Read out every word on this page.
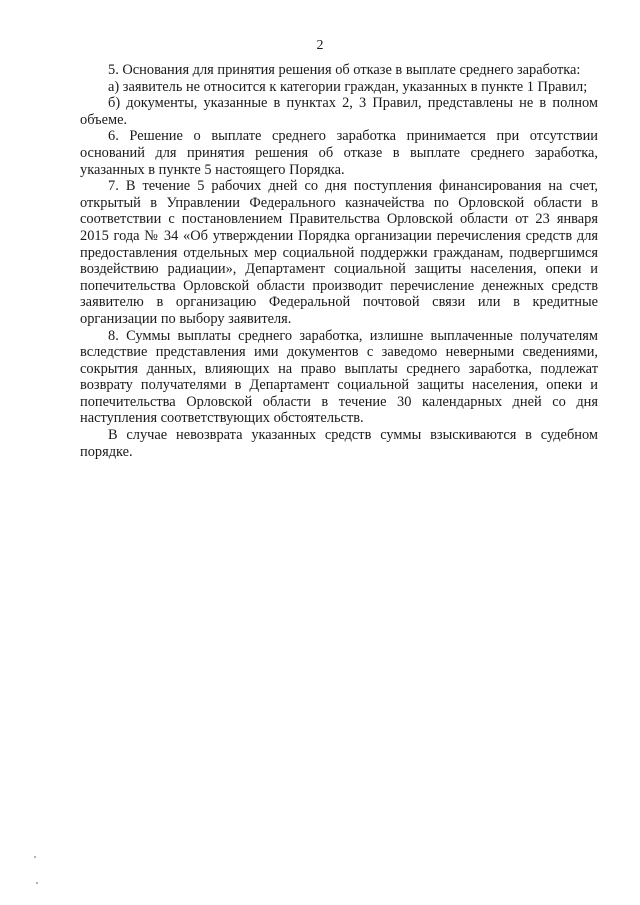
2

5. Основания для принятия решения об отказе в выплате среднего заработка:

а) заявитель не относится к категории граждан, указанных в пункте 1 Правил;

б) документы, указанные в пунктах 2, 3 Правил, представлены не в полном объеме.

6. Решение о выплате среднего заработка принимается при отсутствии оснований для принятия решения об отказе в выплате среднего заработка, указанных в пункте 5 настоящего Порядка.

7. В течение 5 рабочих дней со дня поступления финансирования на счет, открытый в Управлении Федерального казначейства по Орловской области в соответствии с постановлением Правительства Орловской области от 23 января 2015 года № 34 «Об утверждении Порядка организации перечисления средств для предоставления отдельных мер социальной поддержки гражданам, подвергшимся воздействию радиации», Департамент социальной защиты населения, опеки и попечительства Орловской области производит перечисление денежных средств заявителю в организацию Федеральной почтовой связи или в кредитные организации по выбору заявителя.

8. Суммы выплаты среднего заработка, излишне выплаченные получателям вследствие представления ими документов с заведомо неверными сведениями, сокрытия данных, влияющих на право выплаты среднего заработка, подлежат возврату получателями в Департамент социальной защиты населения, опеки и попечительства Орловской области в течение 30 календарных дней со дня наступления соответствующих обстоятельств.

В случае невозврата указанных средств суммы взыскиваются в судебном порядке.
